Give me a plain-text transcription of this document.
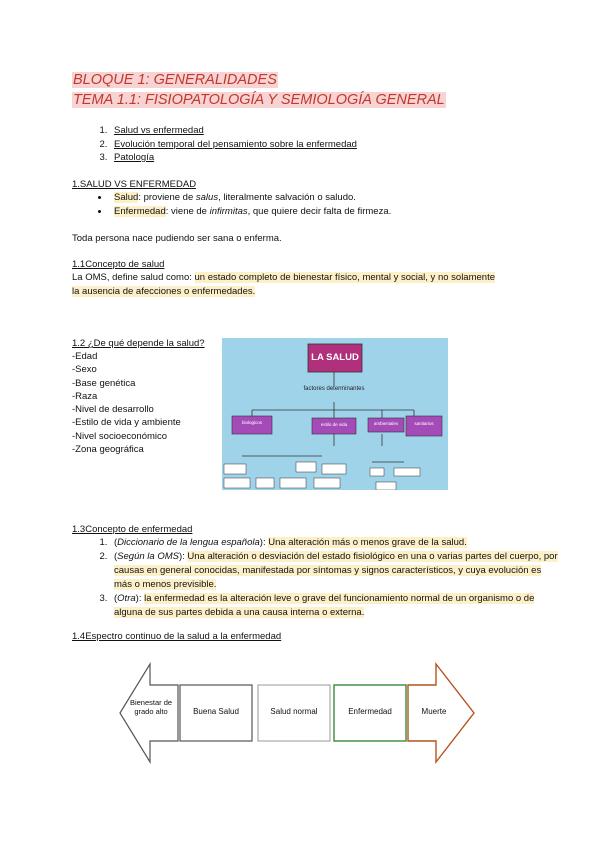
BLOQUE 1: GENERALIDADES
TEMA 1.1: FISIOPATOLOGÍA Y SEMIOLOGÍA GENERAL
1. Salud vs enfermedad
2. Evolución temporal del pensamiento sobre la enfermedad
3. Patología
1.SALUD VS ENFERMEDAD
• Salud: proviene de salus, literalmente salvación o saludo.
• Enfermedad: viene de infirmitas, que quiere decir falta de firmeza.
Toda persona nace pudiendo ser sana o enferma.
1.1Concepto de salud
La OMS, define salud como: un estado completo de bienestar físico, mental y social, y no solamente
la ausencia de afecciones o enfermedades.
1.2 ¿De qué depende la salud?
-Edad
-Sexo
-Base genética
-Raza
-Nivel de desarrollo
-Estilo de vida y ambiente
-Nivel socioeconómico
-Zona geográfica
LA SALUD
factores determinantes
biologicos	estilo de vida	ambientales	sanitarios
1.3Concepto de enfermedad
1. (Diccionario de la lengua española): Una alteración más o menos grave de la salud.
2. (Según la OMS): Una alteración o desviación del estado fisiológico en una o varias partes del cuerpo, por causas en general conocidas, manifestada por síntomas y signos característicos, y cuya evolución es más o menos previsible.
3. (Otra): la enfermedad es la alteración leve o grave del funcionamiento normal de un organismo o de alguna de sus partes debida a una causa interna o externa.
1.4Espectro continuo de la salud a la enfermedad
Bienestar de grado alto	Buena Salud	Salud normal	Enfermedad	Muerte
